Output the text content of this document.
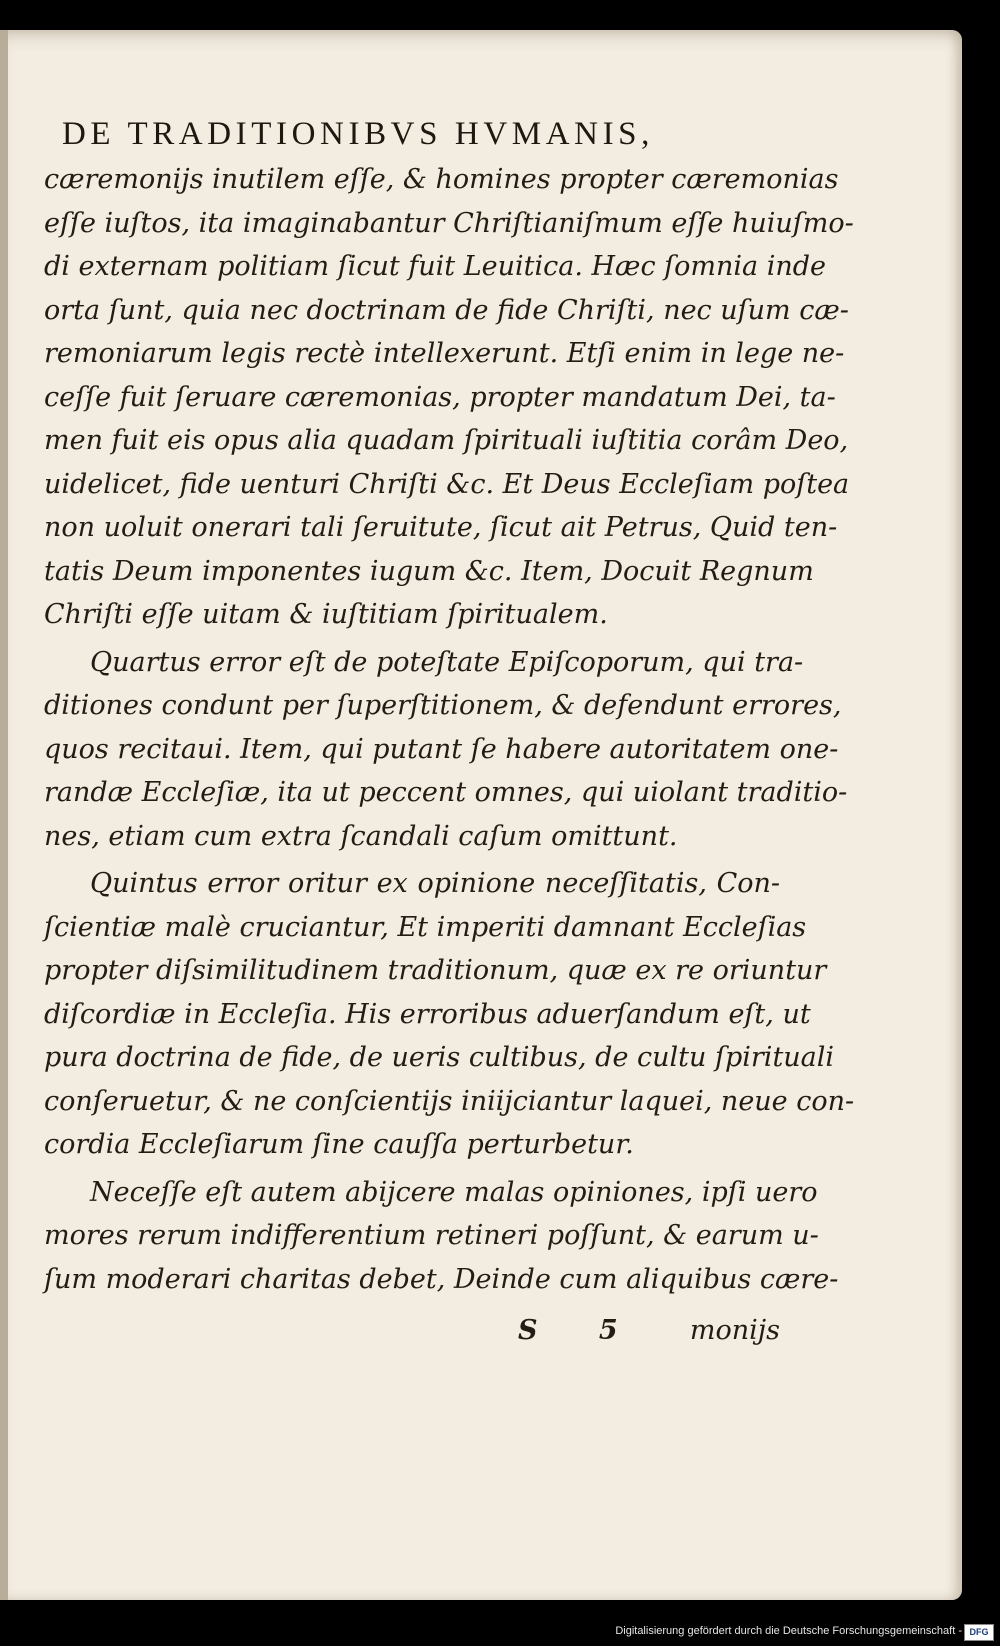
DE TRADITIONIBVS HVMANIS,
cæremonijs inutilem eſſe, & homines propter cæremonias
eſſe iuſtos, ita imaginabantur Chriſtianiſmum eſſe huiuſmo-
di externam politiam ſicut fuit Leuitica. Hæc ſomnia inde
orta ſunt, quia nec doctrinam de fide Chriſti, nec uſum cæ-
remoniarum legis rectè intellexerunt. Etſi enim in lege ne-
ceſſe fuit ſeruare cæremonias, propter mandatum Dei, ta-
men fuit eis opus alia quadam ſpirituali iuſtitia corâm Deo,
uidelicet, fide uenturi Chriſti &c. Et Deus Eccleſiam poſtea
non uoluit onerari tali ſeruitute, ſicut ait Petrus, Quid ten-
tatis Deum imponentes iugum &c. Item, Docuit Regnum
Chriſti eſſe uitam & iuſtitiam ſpiritualem.
Quartus error eſt de poteſtate Epiſcoporum, qui tra-
ditiones condunt per ſuperſtitionem, & defendunt errores,
quos recitaui. Item, qui putant ſe habere autoritatem one-
randæ Eccleſiæ, ita ut peccent omnes, qui uiolant traditio-
nes, etiam cum extra ſcandali caſum omittunt.
Quintus error oritur ex opinione neceſſitatis, Con-
ſcientiæ malè cruciantur, Et imperiti damnant Eccleſias
propter diſsimilitudinem traditionum, quæ ex re oriuntur
diſcordiæ in Eccleſia. His erroribus aduerſandum eſt, ut
pura doctrina de fide, de ueris cultibus, de cultu ſpirituali
conſeruetur, & ne conſcientijs iniijciantur laquei, neue con-
cordia Eccleſiarum ſine cauſſa perturbetur.
Neceſſe eſt autem abijcere malas opiniones, ipſi uero
mores rerum indifferentium retineri poſſunt, & earum u-
ſum moderari charitas debet, Deinde cum aliquibus cære-
S 5 monijs
Digitalisierung gefördert durch die Deutsche Forschungsgemeinschaft - DFG
